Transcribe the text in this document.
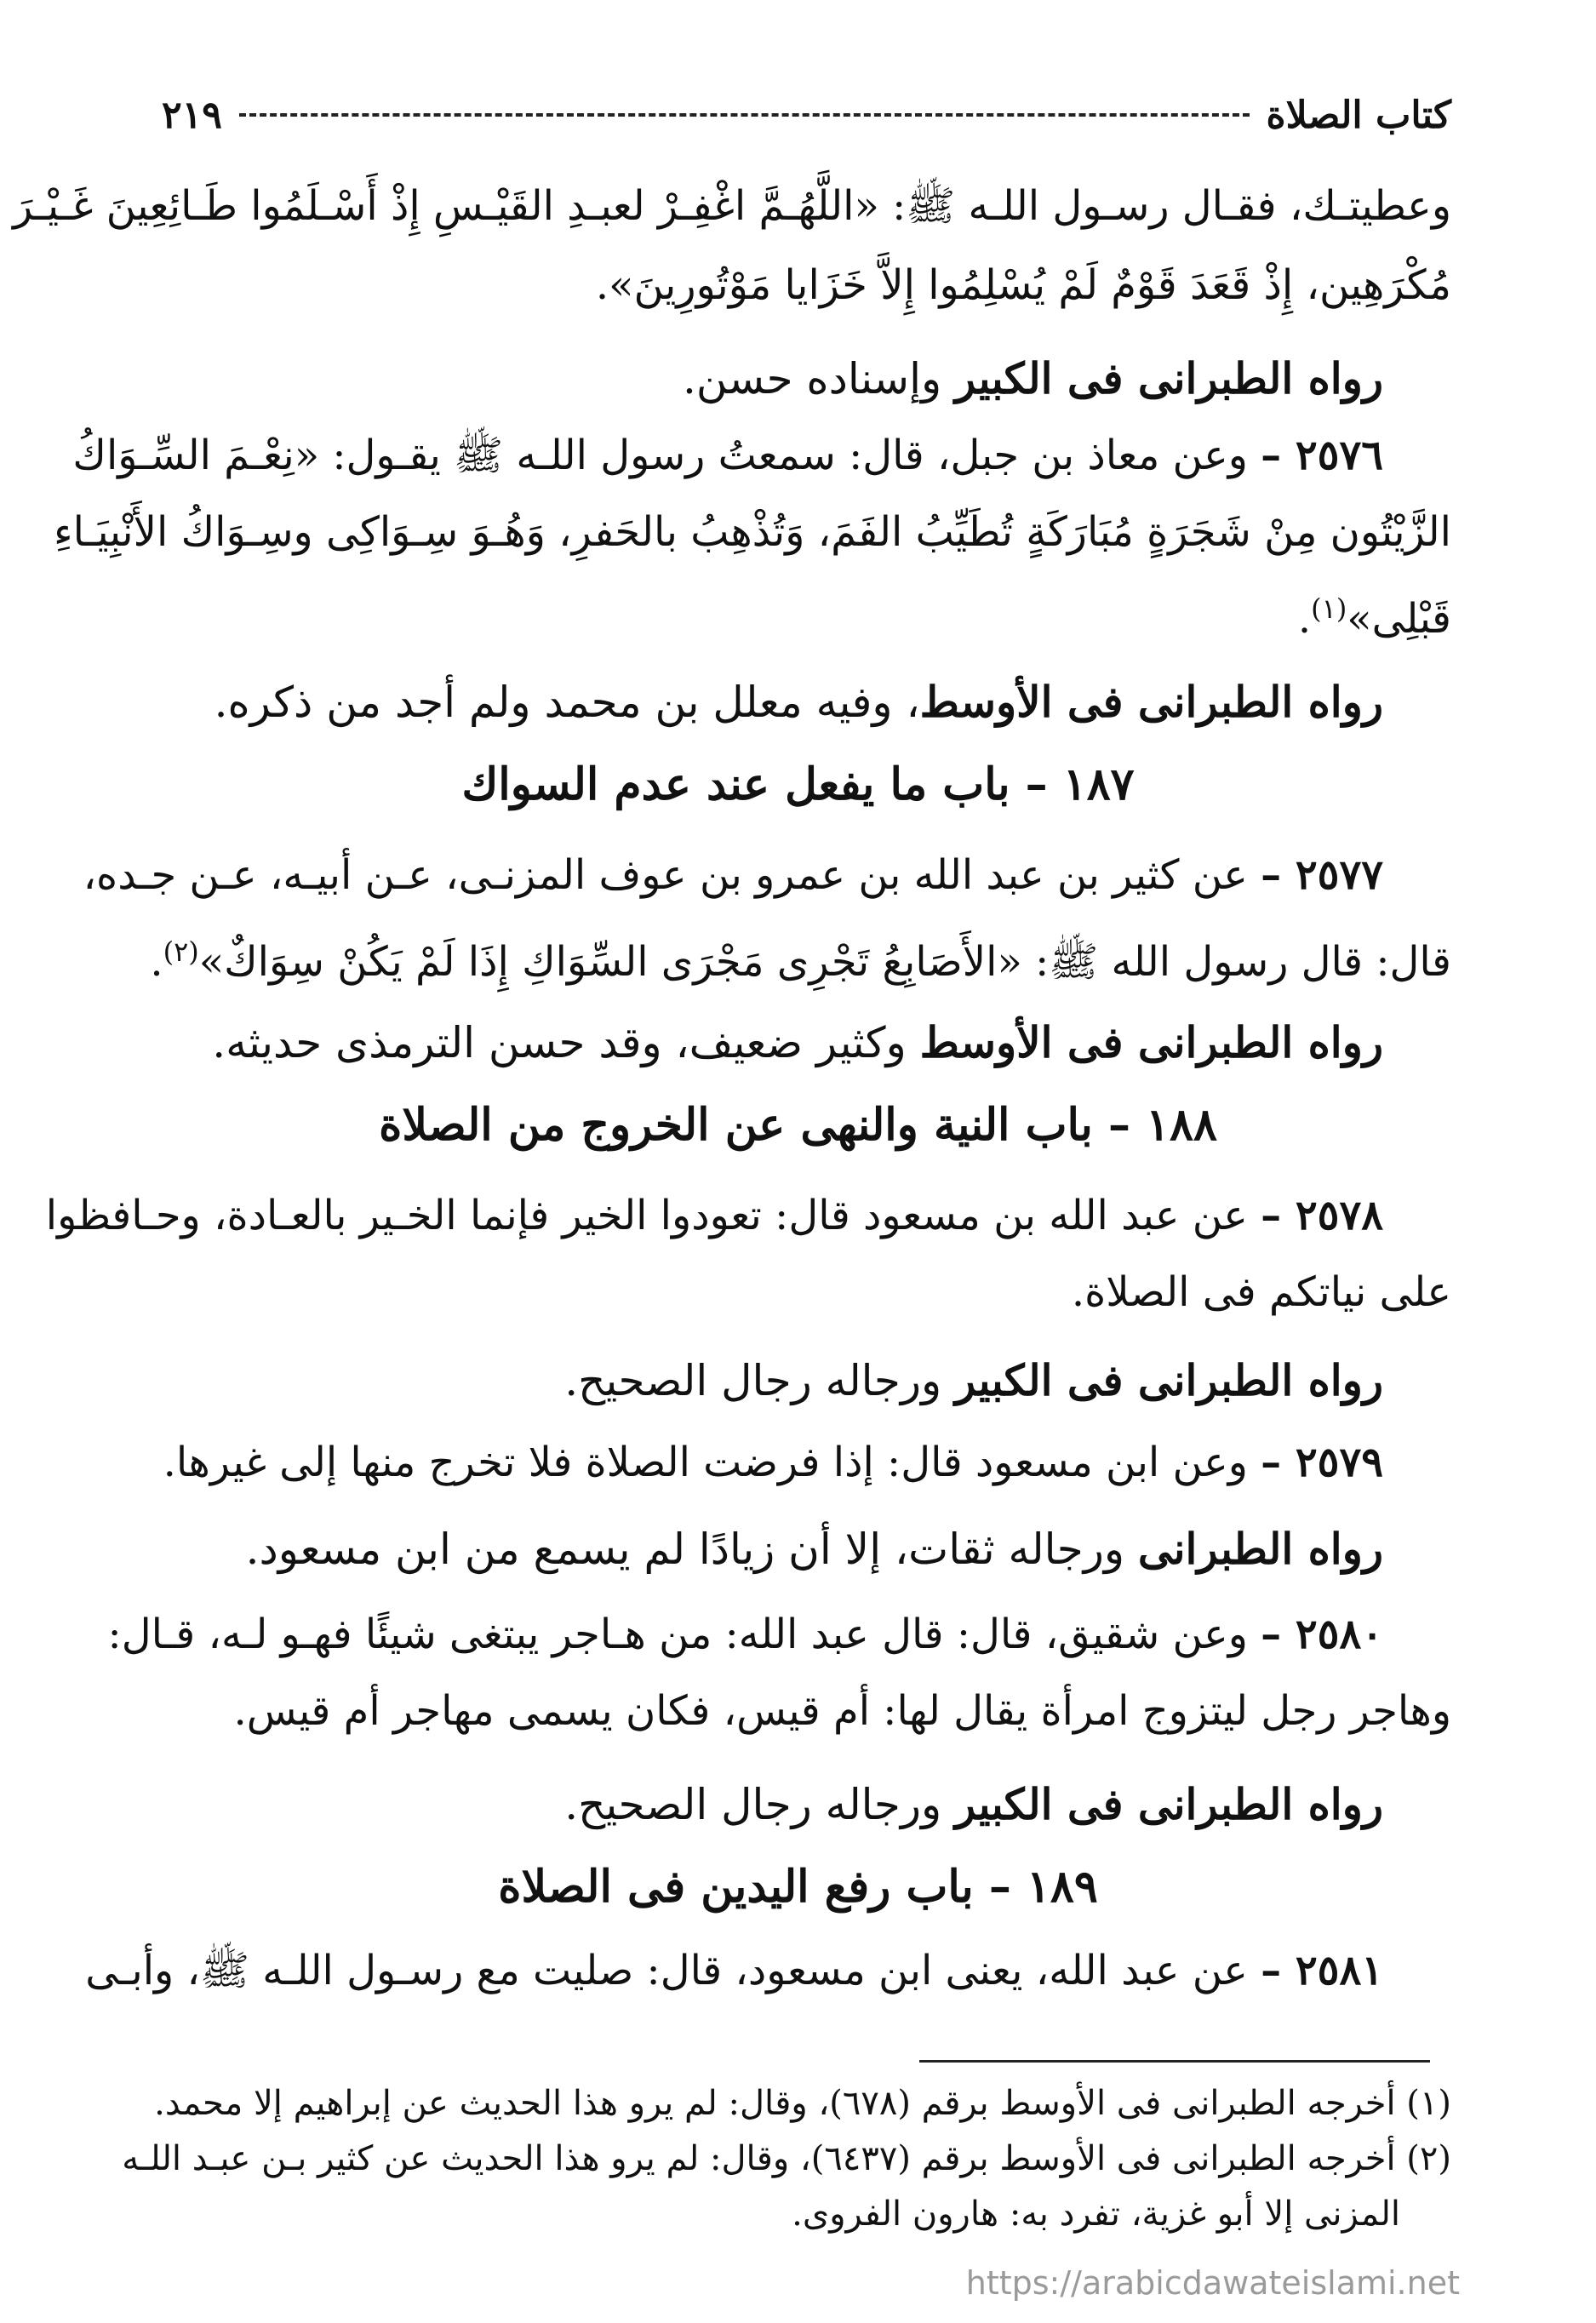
كتاب الصلاة
٢١٩
وعطيتـك، فقـال رسـول اللـه ﷺ: «اللَّهُـمَّ اغْفِـرْ لعبـدِ القَيْـسِ إِذْ أَسْـلَمُوا طَـائِعِينَ غَـيْـرَ
مُكْرَهِين، إِذْ قَعَدَ قَوْمٌ لَمْ يُسْلِمُوا إِلاَّ خَزَايا مَوْتُورِينَ».
رواه الطبرانى فى الكبير وإسناده حسن.
٢٥٧٦ – وعن معاذ بن جبل، قال: سمعتُ رسول اللـه ﷺ يقـول: «نِعْـمَ السِّـوَاكُ
الزَّيْتُون مِنْ شَجَرَةٍ مُبَارَكَةٍ تُطَيِّبُ الفَمَ، وَتُذْهِبُ بالحَفرِ، وَهُـوَ سِـوَاكِى وسِـوَاكُ الأَنْبِيَـاءِ
قَبْلِى»$^{(١)}$.
رواه الطبرانى فى الأوسط، وفيه معلل بن محمد ولم أجد من ذكره.
١٨٧ – باب ما يفعل عند عدم السواك
٢٥٧٧ – عن كثير بن عبد الله بن عمرو بن عوف المزنـى، عـن أبيـه، عـن جـده،
قال: قال رسول الله ﷺ: «الأَصَابِعُ تَجْرِى مَجْرَى السِّوَاكِ إِذَا لَمْ يَكُنْ سِوَاكٌ»$^{(٢)}$.
رواه الطبرانى فى الأوسط وكثير ضعيف، وقد حسن الترمذى حديثه.
١٨٨ – باب النية والنهى عن الخروج من الصلاة
٢٥٧٨ – عن عبد الله بن مسعود قال: تعودوا الخير فإنما الخـير بالعـادة، وحـافظوا
على نياتكم فى الصلاة.
رواه الطبرانى فى الكبير ورجاله رجال الصحيح.
٢٥٧٩ – وعن ابن مسعود قال: إذا فرضت الصلاة فلا تخرج منها إلى غيرها.
رواه الطبرانى ورجاله ثقات، إلا أن زيادًا لم يسمع من ابن مسعود.
٢٥٨٠ – وعن شقيق، قال: قال عبد الله: من هـاجر يبتغى شيئًا فهـو لـه، قـال:
وهاجر رجل ليتزوج امرأة يقال لها: أم قيس، فكان يسمى مهاجر أم قيس.
رواه الطبرانى فى الكبير ورجاله رجال الصحيح.
١٨٩ – باب رفع اليدين فى الصلاة
٢٥٨١ – عن عبد الله، يعنى ابن مسعود، قال: صليت مع رسـول اللـه ﷺ، وأبـى
(١) أخرجه الطبرانى فى الأوسط برقم (٦٧٨)، وقال: لم يرو هذا الحديث عن إبراهيم إلا محمد.
(٢) أخرجه الطبرانى فى الأوسط برقم (٦٤٣٧)، وقال: لم يرو هذا الحديث عن كثير بـن عبـد اللـه
المزنى إلا أبو غزية، تفرد به: هارون الفروى.
https://arabicdawateislami.net
